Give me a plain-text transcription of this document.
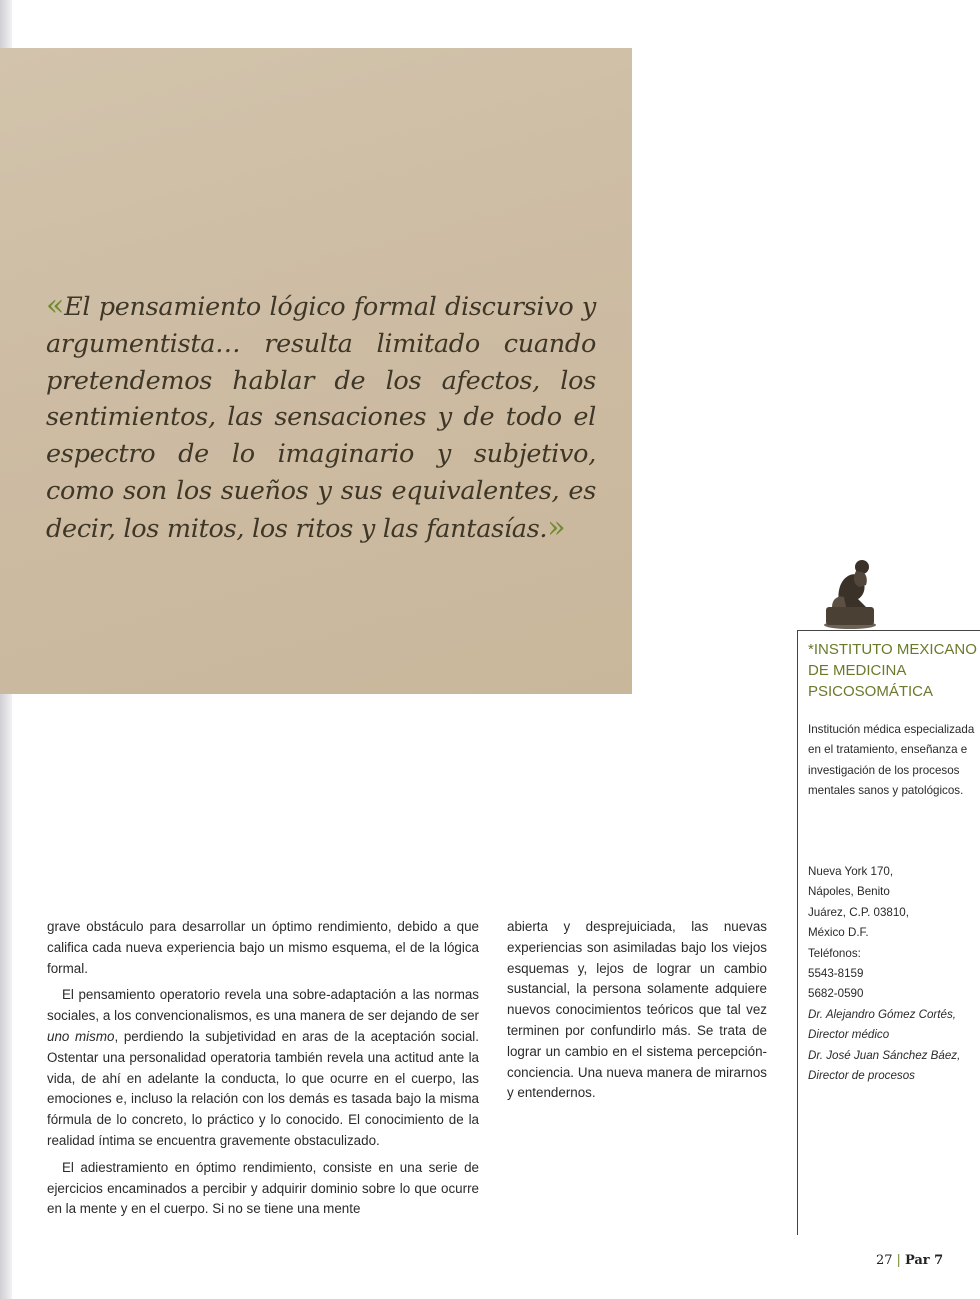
«El pensamiento lógico formal discursivo y argumentista… resulta limitado cuando pretendemos hablar de los afectos, los sentimientos, las sensaciones y de todo el espectro de lo imaginario y subjetivo, como son los sueños y sus equivalentes, es decir, los mitos, los ritos y las fantasías.»

*INSTITUTO MEXICANO DE MEDICINA PSICOSOMÁTICA

Institución médica especializada en el tratamiento, enseñanza e investigación de los procesos mentales sanos y patológicos.

Nueva York 170,
Nápoles, Benito
Juárez, C.P. 03810,
México D.F.
Teléfonos:
5543-8159
5682-0590
Dr. Alejandro Gómez Cortés, Director médico
Dr. José Juan Sánchez Báez, Director de procesos

grave obstáculo para desarrollar un óptimo rendimiento, debido a que califica cada nueva experiencia bajo un mismo esquema, el de la lógica formal.

El pensamiento operatorio revela una sobre-adaptación a las normas sociales, a los convencionalismos, es una manera de ser dejando de ser uno mismo, perdiendo la subjetividad en aras de la aceptación social. Ostentar una personalidad operatoria también revela una actitud ante la vida, de ahí en adelante la conducta, lo que ocurre en el cuerpo, las emociones e, incluso la relación con los demás es tasada bajo la misma fórmula de lo concreto, lo práctico y lo conocido. El conocimiento de la realidad íntima se encuentra gravemente obstaculizado.

El adiestramiento en óptimo rendimiento, consiste en una serie de ejercicios encaminados a percibir y adquirir dominio sobre lo que ocurre en la mente y en el cuerpo. Si no se tiene una mente

abierta y desprejuiciada, las nuevas experiencias son asimiladas bajo los viejos esquemas y, lejos de lograr un cambio sustancial, la persona solamente adquiere nuevos conocimientos teóricos que tal vez terminen por confundirlo más. Se trata de lograr un cambio en el sistema percepción-conciencia. Una nueva manera de mirarnos y entendernos.

27 | Par 7
